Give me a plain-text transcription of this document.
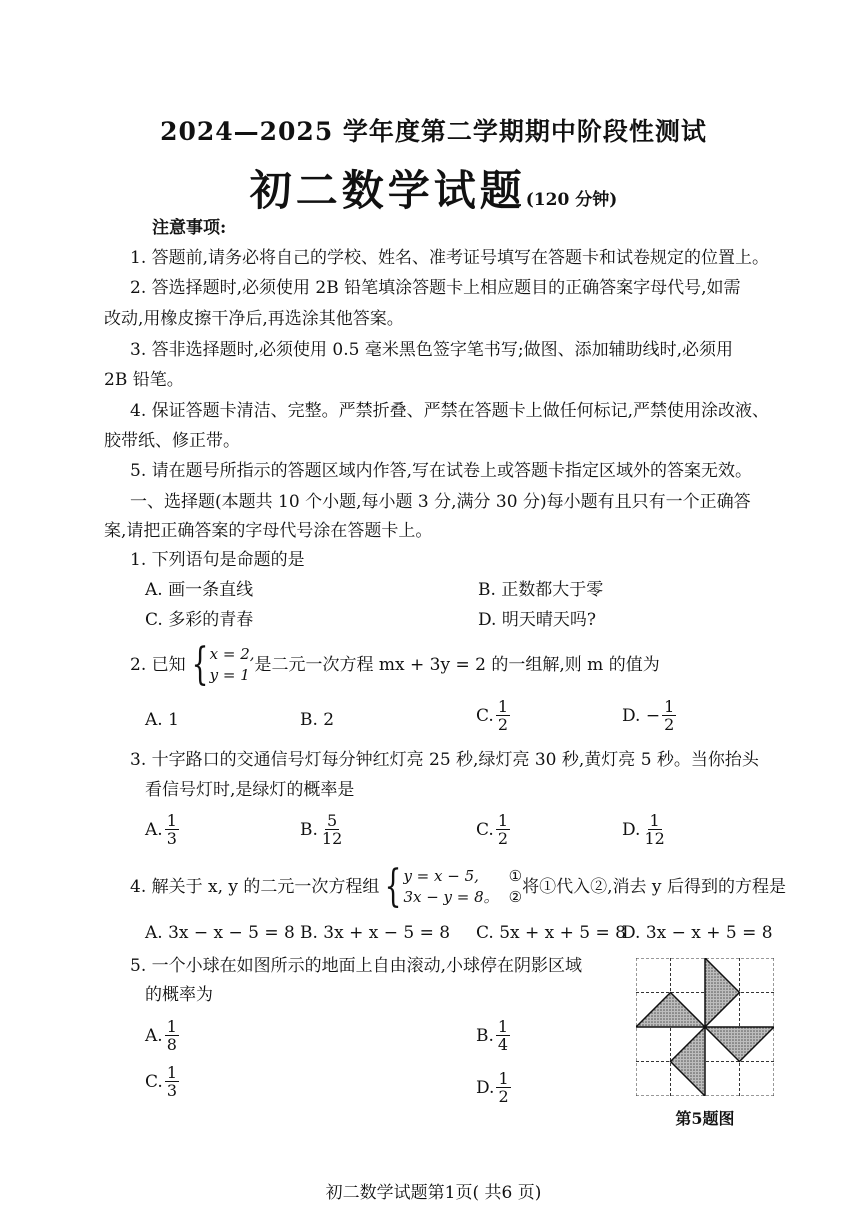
2024—2025 学年度第二学期期中阶段性测试
初二数学试题(120 分钟)
注意事项:
1. 答题前,请务必将自己的学校、姓名、准考证号填写在答题卡和试卷规定的位置上。
2. 答选择题时,必须使用 2B 铅笔填涂答题卡上相应题目的正确答案字母代号,如需
改动,用橡皮擦干净后,再选涂其他答案。
3. 答非选择题时,必须使用 0.5 毫米黑色签字笔书写;做图、添加辅助线时,必须用
2B 铅笔。
4. 保证答题卡清洁、完整。严禁折叠、严禁在答题卡上做任何标记,严禁使用涂改液、
胶带纸、修正带。
5. 请在题号所指示的答题区域内作答,写在试卷上或答题卡指定区域外的答案无效。
一、选择题(本题共 10 个小题,每小题 3 分,满分 30 分)每小题有且只有一个正确答
案,请把正确答案的字母代号涂在答题卡上。
1. 下列语句是命题的是
A. 画一条直线	B. 正数都大于零
C. 多彩的青春	D. 明天晴天吗?
2. 已知 { x = 2,
y = 1 是二元一次方程 mx + 3y = 2 的一组解,则 m 的值为
A. 1	B. 2	C. $\frac{1}{2}$	D. − $\frac{1}{2}$
3. 十字路口的交通信号灯每分钟红灯亮 25 秒,绿灯亮 30 秒,黄灯亮 5 秒。当你抬头
看信号灯时,是绿灯的概率是
A. $\frac{1}{3}$	B. $\frac{5}{12}$	C. $\frac{1}{2}$	D. $\frac{1}{12}$
4. 解关于 x, y 的二元一次方程组 { y = x − 5,
3x − y = 8。
①
② 将①代入②,消去 y 后得到的方程是
A. 3x − x − 5 = 8 B. 3x + x − 5 = 8 C. 5x + x + 5 = 8
D. 3x − x + 5 = 8
5. 一个小球在如图所示的地面上自由滚动,小球停在阴影区域
的概率为
A. $\frac{1}{8}$	B. $\frac{1}{4}$
C. $\frac{1}{3}$	D. $\frac{1}{2}$
第5题图
初二数学试题第1页( 共6 页)
